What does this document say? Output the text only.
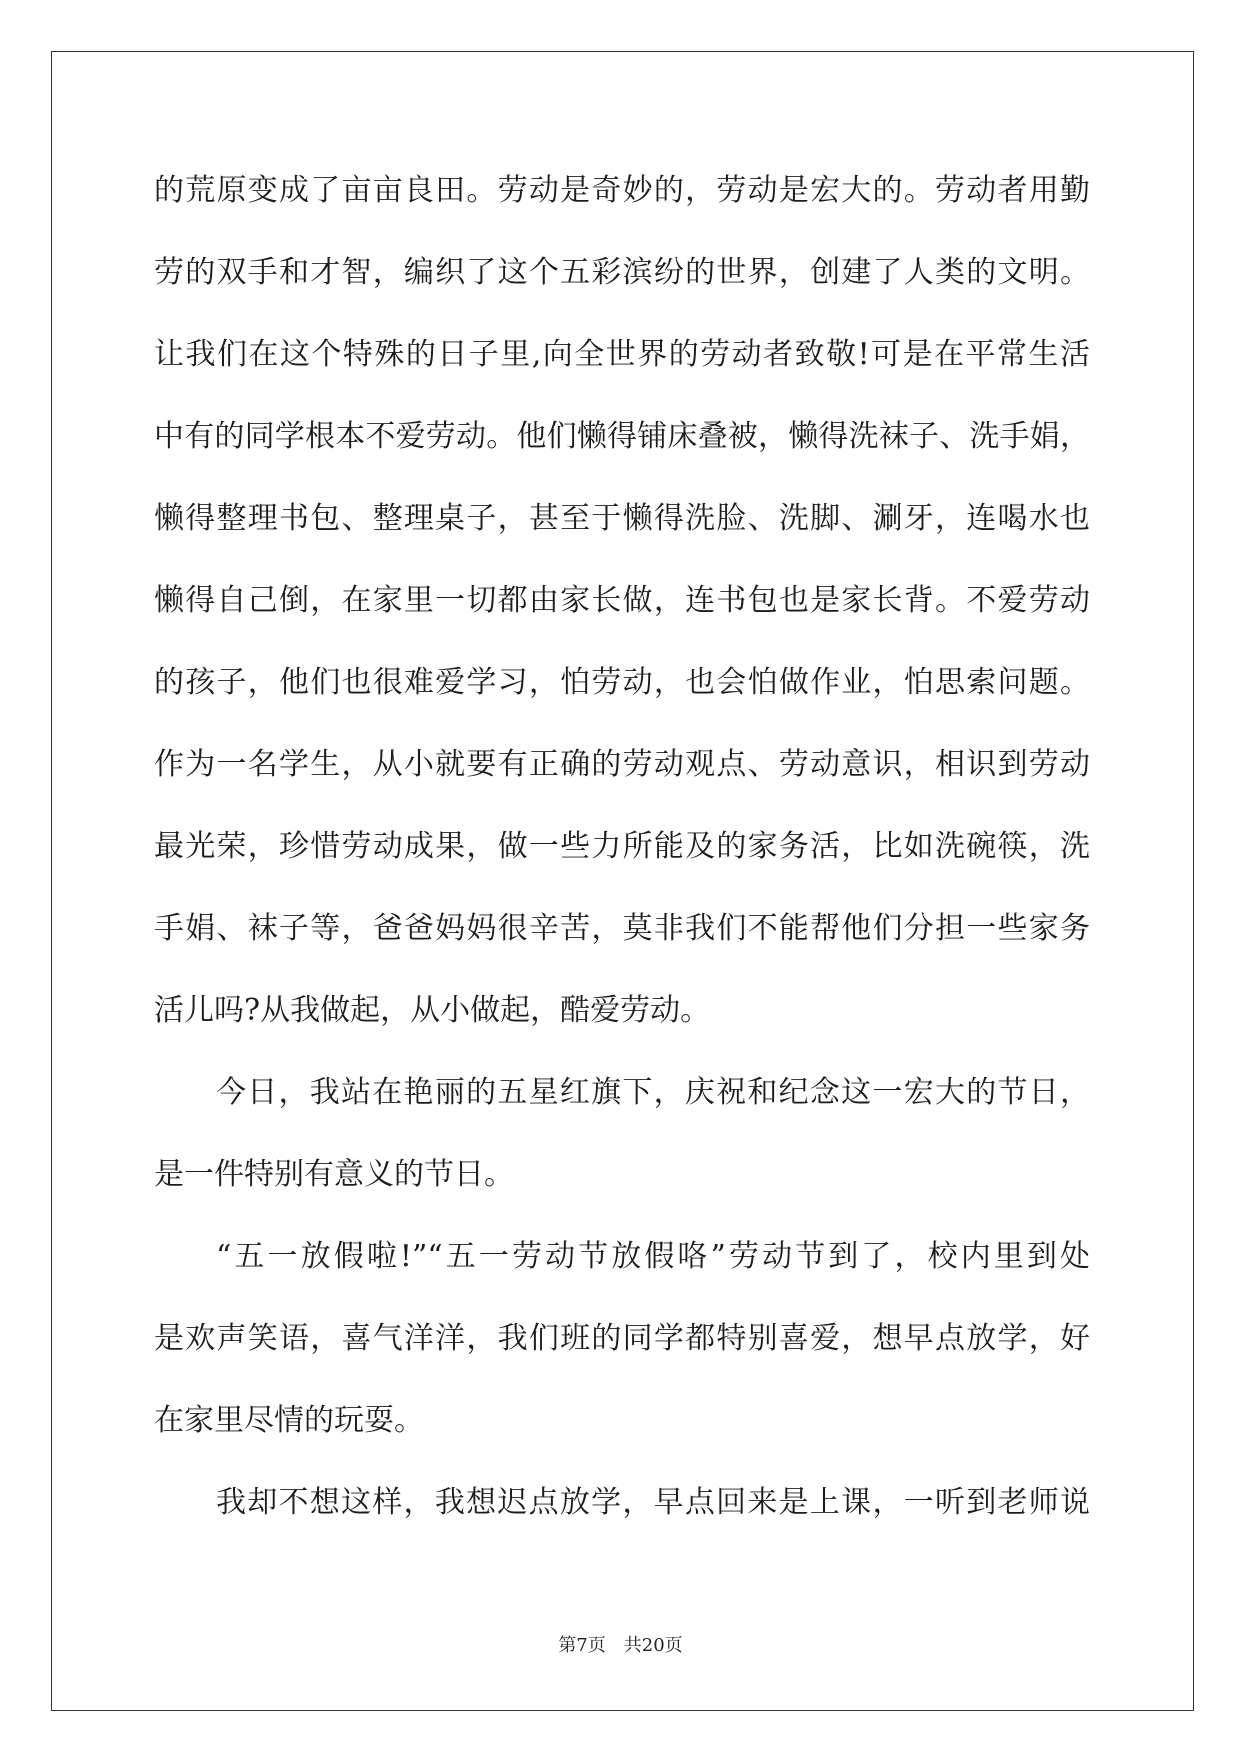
的荒原变成了亩亩良田。劳动是奇妙的，劳动是宏大的。劳动者用勤
劳的双手和才智，编织了这个五彩滨纷的世界，创建了人类的文明。
让我们在这个特殊的日子里,向全世界的劳动者致敬!可是在平常生活
中有的同学根本不爱劳动。他们懒得铺床叠被，懒得洗袜子、洗手娟，
懒得整理书包、整理桌子，甚至于懒得洗脸、洗脚、涮牙，连喝水也
懒得自己倒，在家里一切都由家长做，连书包也是家长背。不爱劳动
的孩子，他们也很难爱学习，怕劳动，也会怕做作业，怕思索问题。
作为一名学生，从小就要有正确的劳动观点、劳动意识，相识到劳动
最光荣，珍惜劳动成果，做一些力所能及的家务活，比如洗碗筷，洗
手娟、袜子等，爸爸妈妈很辛苦，莫非我们不能帮他们分担一些家务
活儿吗?从我做起，从小做起，酷爱劳动。
今日，我站在艳丽的五星红旗下，庆祝和纪念这一宏大的节日，
是一件特别有意义的节日。
“五一放假啦!”“五一劳动节放假咯”劳动节到了，校内里到处
是欢声笑语，喜气洋洋，我们班的同学都特别喜爱，想早点放学，好
在家里尽情的玩耍。
我却不想这样，我想迟点放学，早点回来是上课，一听到老师说
第7页　共20页
